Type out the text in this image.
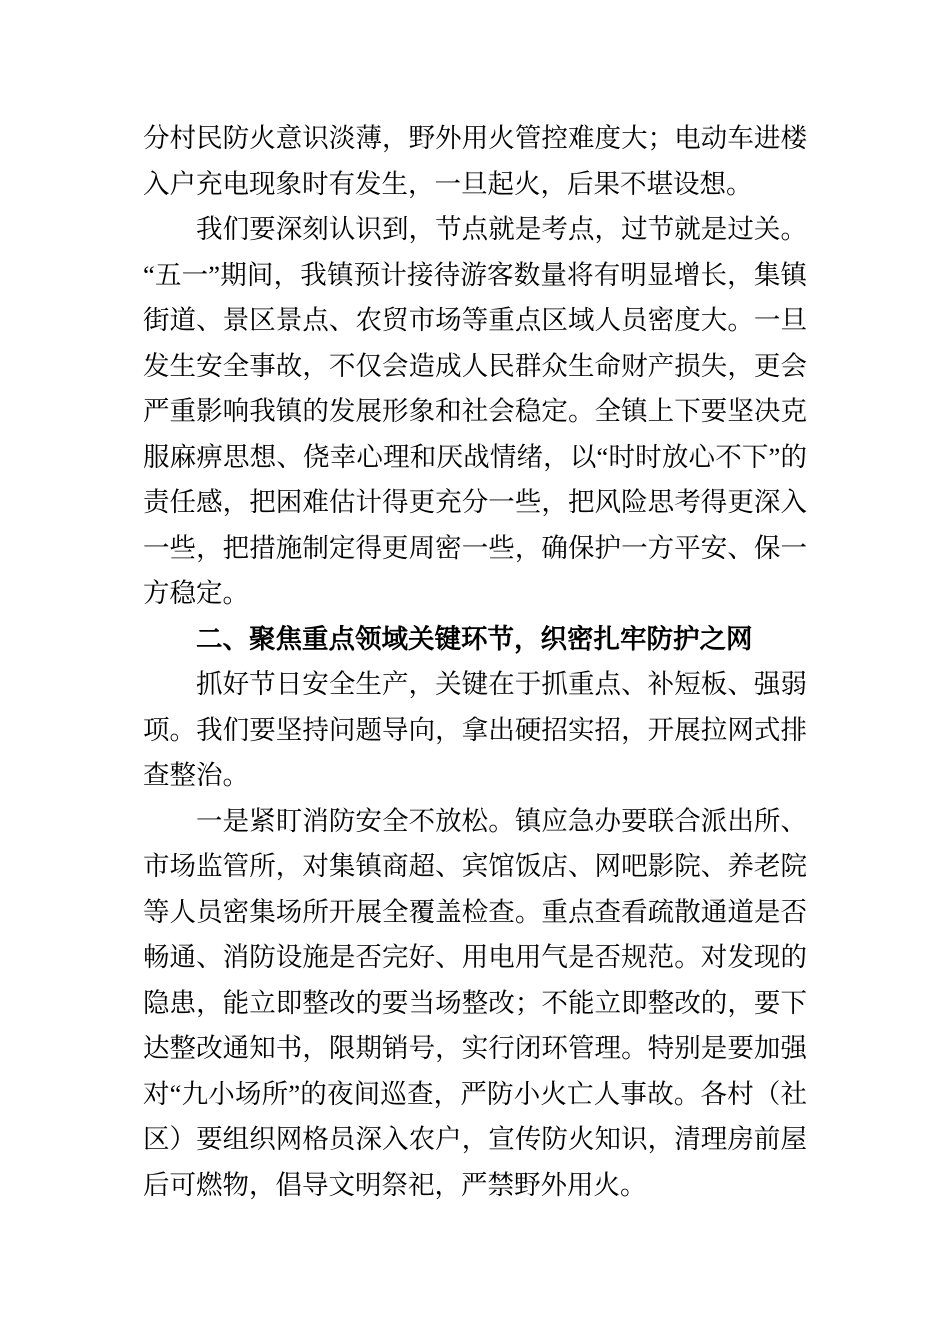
分村民防火意识淡薄，野外用火管控难度大；电动车进楼入户充电现象时有发生，一旦起火，后果不堪设想。

我们要深刻认识到，节点就是考点，过节就是过关。“五一”期间，我镇预计接待游客数量将有明显增长，集镇街道、景区景点、农贸市场等重点区域人员密度大。一旦发生安全事故，不仅会造成人民群众生命财产损失，更会严重影响我镇的发展形象和社会稳定。全镇上下要坚决克服麻痹思想、侥幸心理和厌战情绪，以“时时放心不下”的责任感，把困难估计得更充分一些，把风险思考得更深入一些，把措施制定得更周密一些，确保护一方平安、保一方稳定。

二、聚焦重点领域关键环节，织密扎牢防护之网

抓好节日安全生产，关键在于抓重点、补短板、强弱项。我们要坚持问题导向，拿出硬招实招，开展拉网式排查整治。

一是紧盯消防安全不放松。镇应急办要联合派出所、市场监管所，对集镇商超、宾馆饭店、网吧影院、养老院等人员密集场所开展全覆盖检查。重点查看疏散通道是否畅通、消防设施是否完好、用电用气是否规范。对发现的隐患，能立即整改的要当场整改；不能立即整改的，要下达整改通知书，限期销号，实行闭环管理。特别是要加强对“九小场所”的夜间巡查，严防小火亡人事故。各村（社区）要组织网格员深入农户，宣传防火知识，清理房前屋后可燃物，倡导文明祭祀，严禁野外用火。
